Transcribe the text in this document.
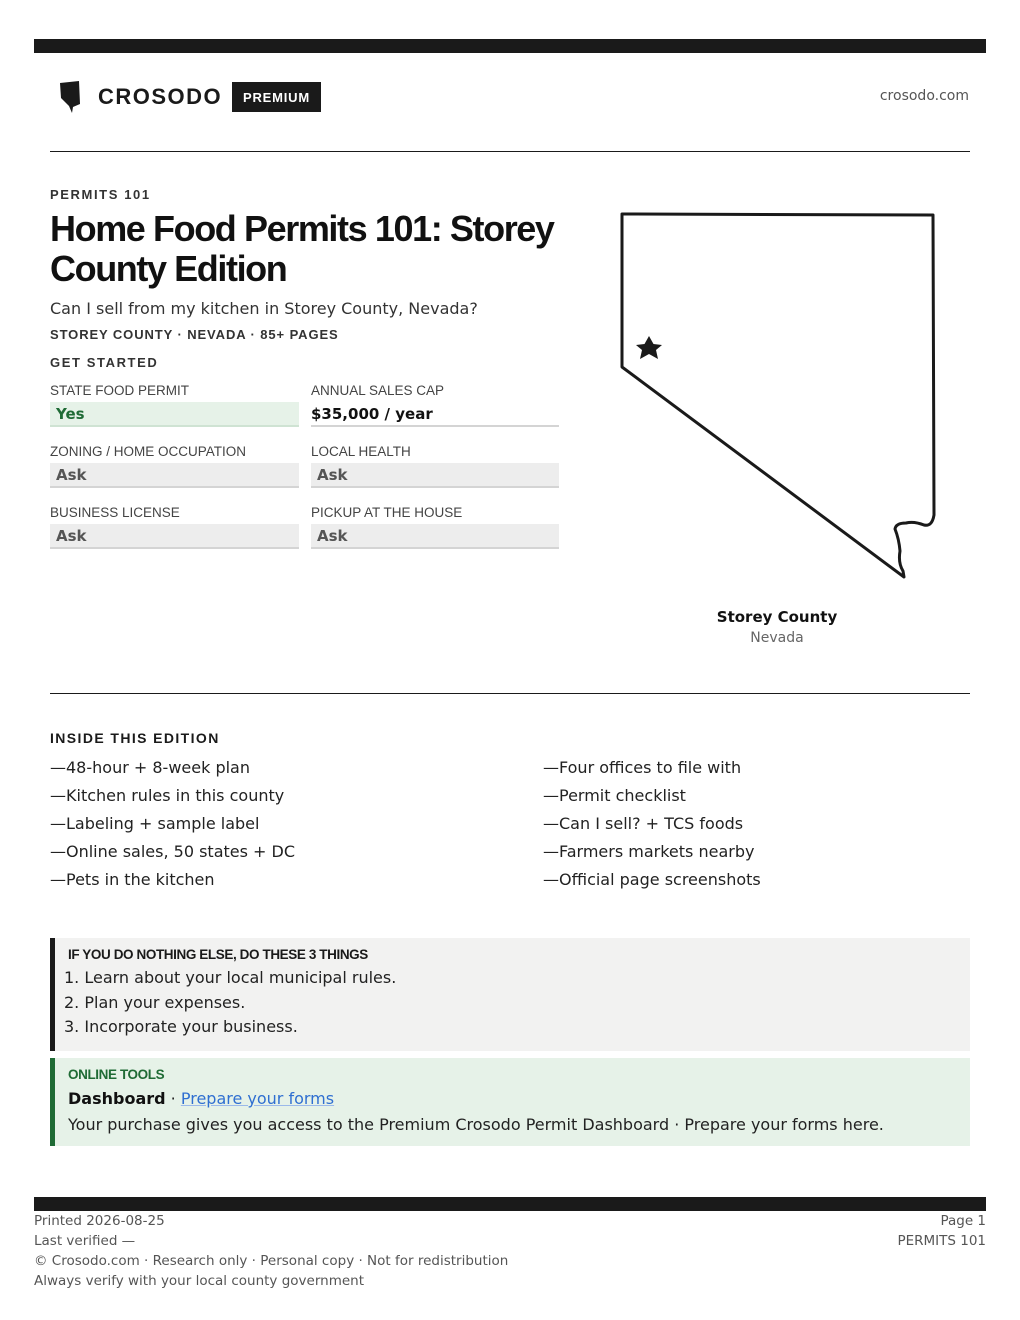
CROSODO	PREMIUM	crosodo.com
PERMITS 101
Home Food Permits 101: Storey County Edition
Can I sell from my kitchen in Storey County, Nevada?
STOREY COUNTY · NEVADA · 85+ PAGES
GET STARTED
STATE FOOD PERMIT
Yes
ANNUAL SALES CAP
$35,000 / year
ZONING / HOME OCCUPATION
Ask
LOCAL HEALTH
Ask
BUSINESS LICENSE
Ask
PICKUP AT THE HOUSE
Ask
Storey County
Nevada
INSIDE THIS EDITION
—48-hour + 8-week plan
—Kitchen rules in this county
—Labeling + sample label
—Online sales, 50 states + DC
—Pets in the kitchen
—Four offices to file with
—Permit checklist
—Can I sell? + TCS foods
—Farmers markets nearby
—Official page screenshots
IF YOU DO NOTHING ELSE, DO THESE 3 THINGS
1. Learn about your local municipal rules.
2. Plan your expenses.
3. Incorporate your business.
ONLINE TOOLS
Dashboard · Prepare your forms
Your purchase gives you access to the Premium Crosodo Permit Dashboard · Prepare your forms here.
Printed 2026-08-25
Last verified —
© Crosodo.com · Research only · Personal copy · Not for redistribution
Always verify with your local county government
Page 1
PERMITS 101
